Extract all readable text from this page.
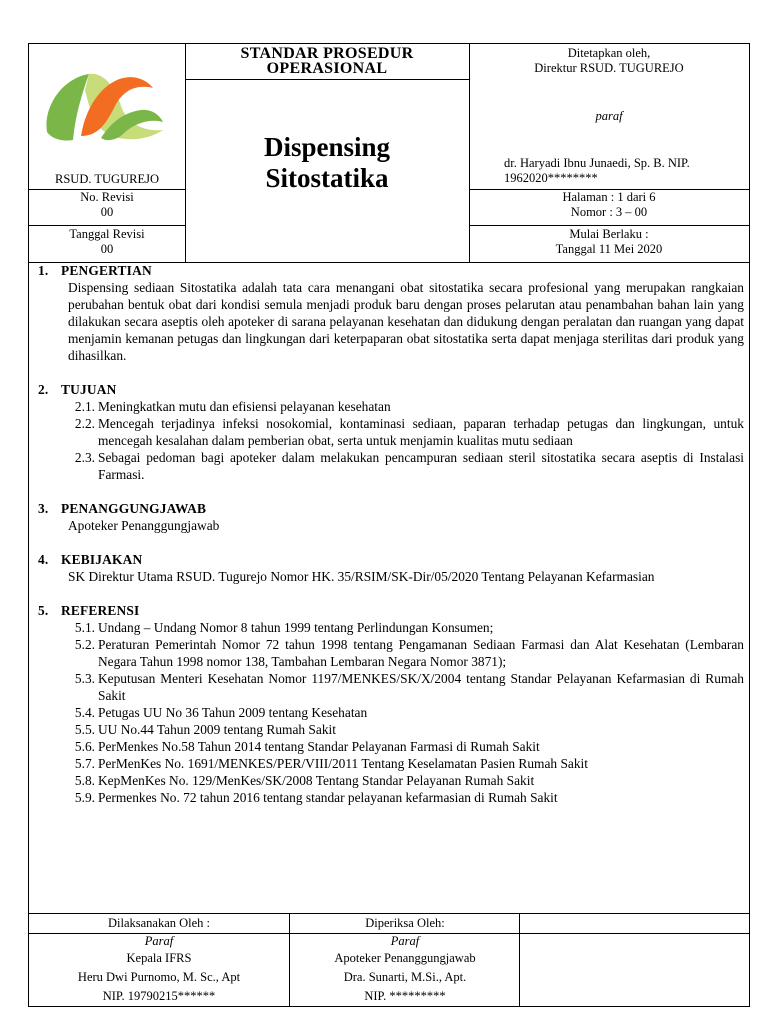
RSUD. TUGUREJO
STANDAR PROSEDUR
OPERASIONAL
Dispensing
Sitostatika
Ditetapkan oleh,
Direktur RSUD. TUGUREJO
paraf
dr. Haryadi Ibnu Junaedi, Sp. B. NIP.
1962020********
No. Revisi
00
Tanggal Revisi
00
Halaman : 1 dari 6
Nomor : 3 – 00
Mulai Berlaku :
Tanggal 11 Mei 2020
1. PENGERTIAN
Dispensing sediaan Sitostatika adalah tata cara menangani obat sitostatika secara profesional yang merupakan rangkaian perubahan bentuk obat dari kondisi semula menjadi produk baru dengan proses pelarutan atau penambahan bahan lain yang dilakukan secara aseptis oleh apoteker di sarana pelayanan kesehatan dan didukung dengan peralatan dan ruangan yang dapat menjamin kemanan petugas dan lingkungan dari keterpaparan obat sitostatika serta dapat menjaga sterilitas dari produk yang dihasilkan.
2. TUJUAN
2.1. Meningkatkan mutu dan efisiensi pelayanan kesehatan
2.2. Mencegah terjadinya infeksi nosokomial, kontaminasi sediaan, paparan terhadap petugas dan lingkungan, untuk mencegah kesalahan dalam pemberian obat, serta untuk menjamin kualitas mutu sediaan
2.3. Sebagai pedoman bagi apoteker dalam melakukan pencampuran sediaan steril sitostatika secara aseptis di Instalasi Farmasi.
3. PENANGGUNGJAWAB
Apoteker Penanggungjawab
4. KEBIJAKAN
SK Direktur Utama RSUD. Tugurejo Nomor HK. 35/RSIM/SK-Dir/05/2020 Tentang Pelayanan Kefarmasian
5. REFERENSI
5.1. Undang – Undang Nomor 8 tahun 1999 tentang Perlindungan Konsumen;
5.2. Peraturan Pemerintah Nomor 72 tahun 1998 tentang Pengamanan Sediaan Farmasi dan Alat Kesehatan (Lembaran Negara Tahun 1998 nomor 138, Tambahan Lembaran Negara Nomor 3871);
5.3. Keputusan Menteri Kesehatan Nomor 1197/MENKES/SK/X/2004 tentang Standar Pelayanan Kefarmasian di Rumah Sakit
5.4. Petugas UU No 36 Tahun 2009 tentang Kesehatan
5.5. UU No.44 Tahun 2009 tentang Rumah Sakit
5.6. PerMenkes No.58 Tahun 2014 tentang Standar Pelayanan Farmasi di Rumah Sakit
5.7. PerMenKes No. 1691/MENKES/PER/VIII/2011 Tentang Keselamatan Pasien Rumah Sakit
5.8. KepMenKes No. 129/MenKes/SK/2008 Tentang Standar Pelayanan Rumah Sakit
5.9. Permenkes No. 72 tahun 2016 tentang standar pelayanan kefarmasian di Rumah Sakit
Dilaksanakan Oleh :
Paraf
Kepala IFRS
Heru Dwi Purnomo, M. Sc., Apt
NIP. 19790215******
Diperiksa Oleh:
Paraf
Apoteker Penanggungjawab
Dra. Sunarti, M.Si., Apt.
NIP. *********
